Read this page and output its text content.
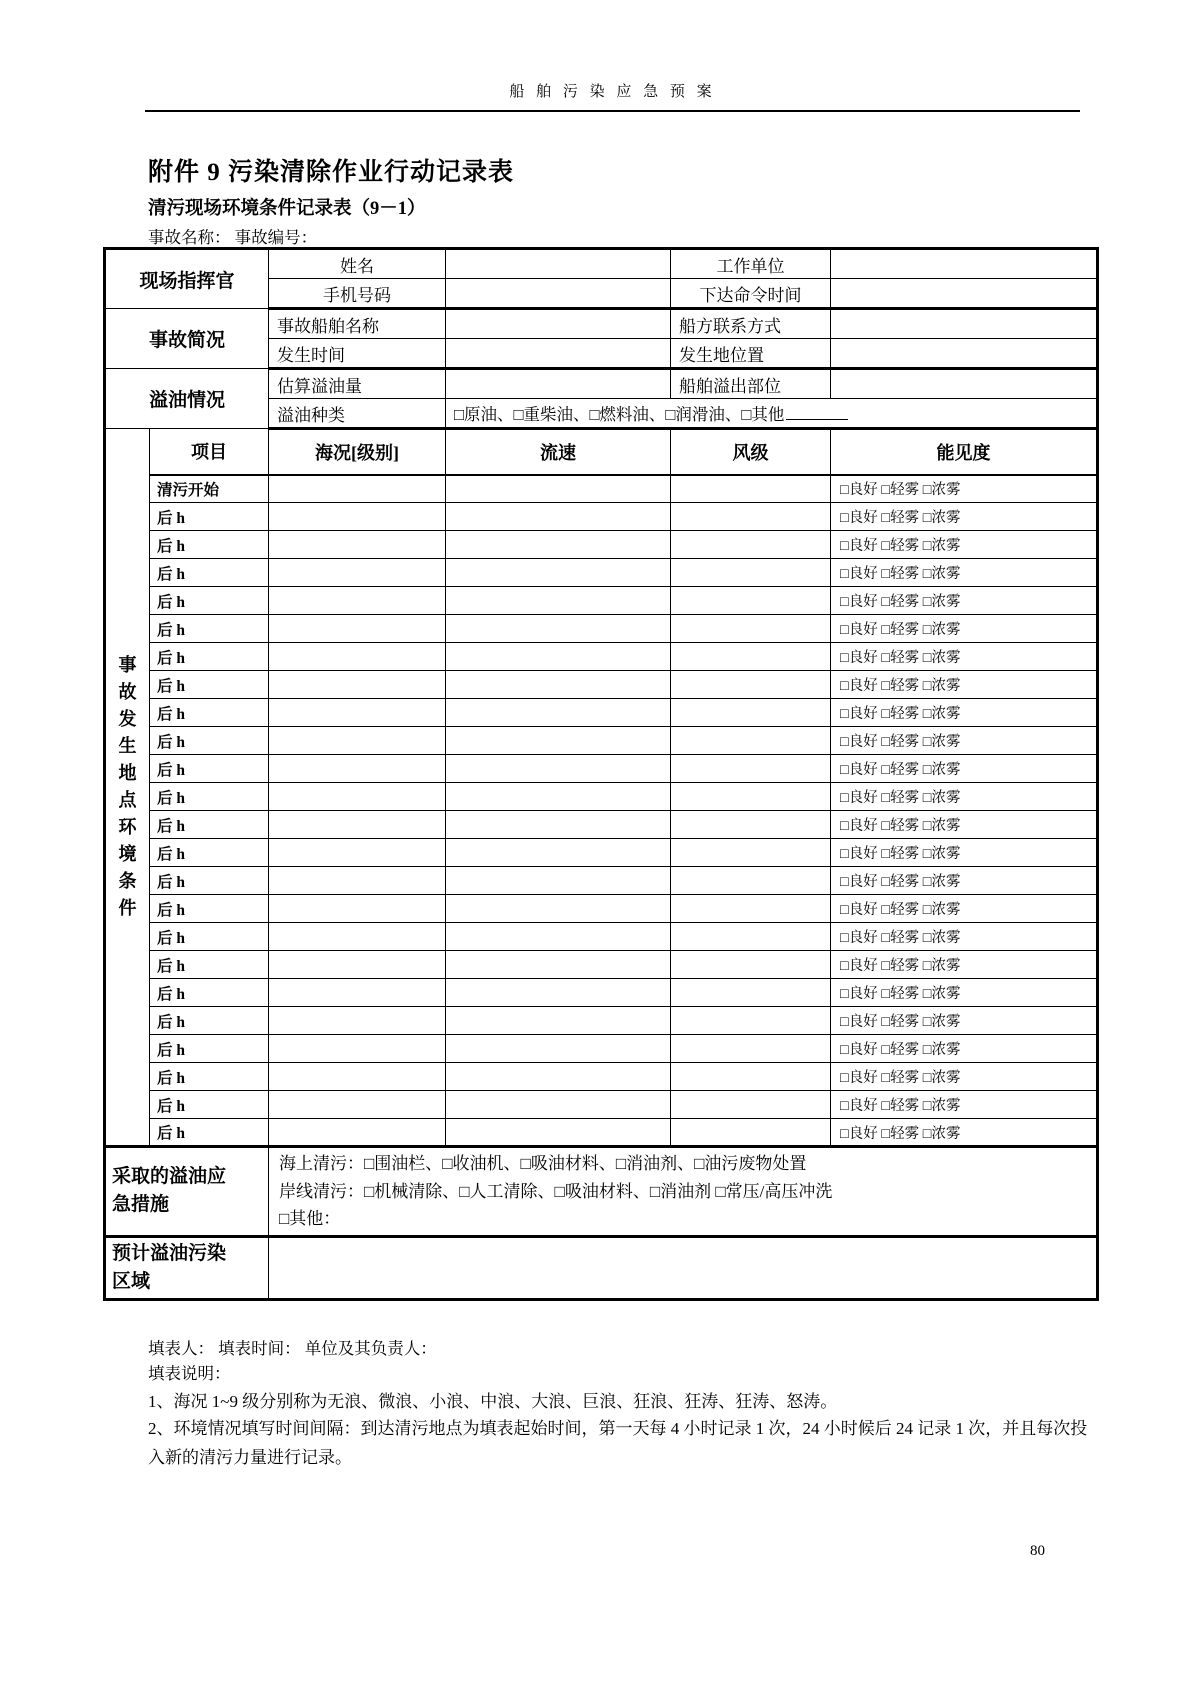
船 舶 污 染 应 急 预 案
附件 9 污染清除作业行动记录表
清污现场环境条件记录表（9－1）
事故名称： 事故编号：
现场指挥官		姓名		工作单位	
		手机号码		下达命令时间	
事故简况		事故船舶名称		船方联系方式	
		发生时间		发生地位置	
溢油情况		估算溢油量		船舶溢出部位	
		溢油种类	□原油、□重柴油、□燃料油、□润滑油、□其他		

事故发生地点环境条件	项目	海况[级别]	流速	风级	能见度
	清污开始				□良好 □轻雾 □浓雾
	后 h				□良好 □轻雾 □浓雾
	后 h				□良好 □轻雾 □浓雾
	后 h				□良好 □轻雾 □浓雾
	后 h				□良好 □轻雾 □浓雾
	后 h				□良好 □轻雾 □浓雾
	后 h				□良好 □轻雾 □浓雾
	后 h				□良好 □轻雾 □浓雾
	后 h				□良好 □轻雾 □浓雾
	后 h				□良好 □轻雾 □浓雾
	后 h				□良好 □轻雾 □浓雾
	后 h				□良好 □轻雾 □浓雾
	后 h				□良好 □轻雾 □浓雾
	后 h				□良好 □轻雾 □浓雾
	后 h				□良好 □轻雾 □浓雾
	后 h				□良好 □轻雾 □浓雾
	后 h				□良好 □轻雾 □浓雾
	后 h				□良好 □轻雾 □浓雾
	后 h				□良好 □轻雾 □浓雾
	后 h				□良好 □轻雾 □浓雾
	后 h				□良好 □轻雾 □浓雾
	后 h				□良好 □轻雾 □浓雾
	后 h				□良好 □轻雾 □浓雾
	后 h				□良好 □轻雾 □浓雾

采取的溢油应急措施		海上清污：□围油栏、□收油机、□吸油材料、□消油剂、□油污废物处置
岸线清污：□机械清除、□人工清除、□吸油材料、□消油剂 □常压/高压冲洗
□其他：			

预计溢油污染区域					

填表人： 填表时间： 单位及其负责人：
填表说明：
1、海况 1~9 级分别称为无浪、微浪、小浪、中浪、大浪、巨浪、狂浪、狂涛、狂涛、怒涛。
2、环境情况填写时间间隔：到达清污地点为填表起始时间，第一天每 4 小时记录 1 次，24 小时候后 24 记录 1 次，并且每次投入新的清污力量进行记录。
80
